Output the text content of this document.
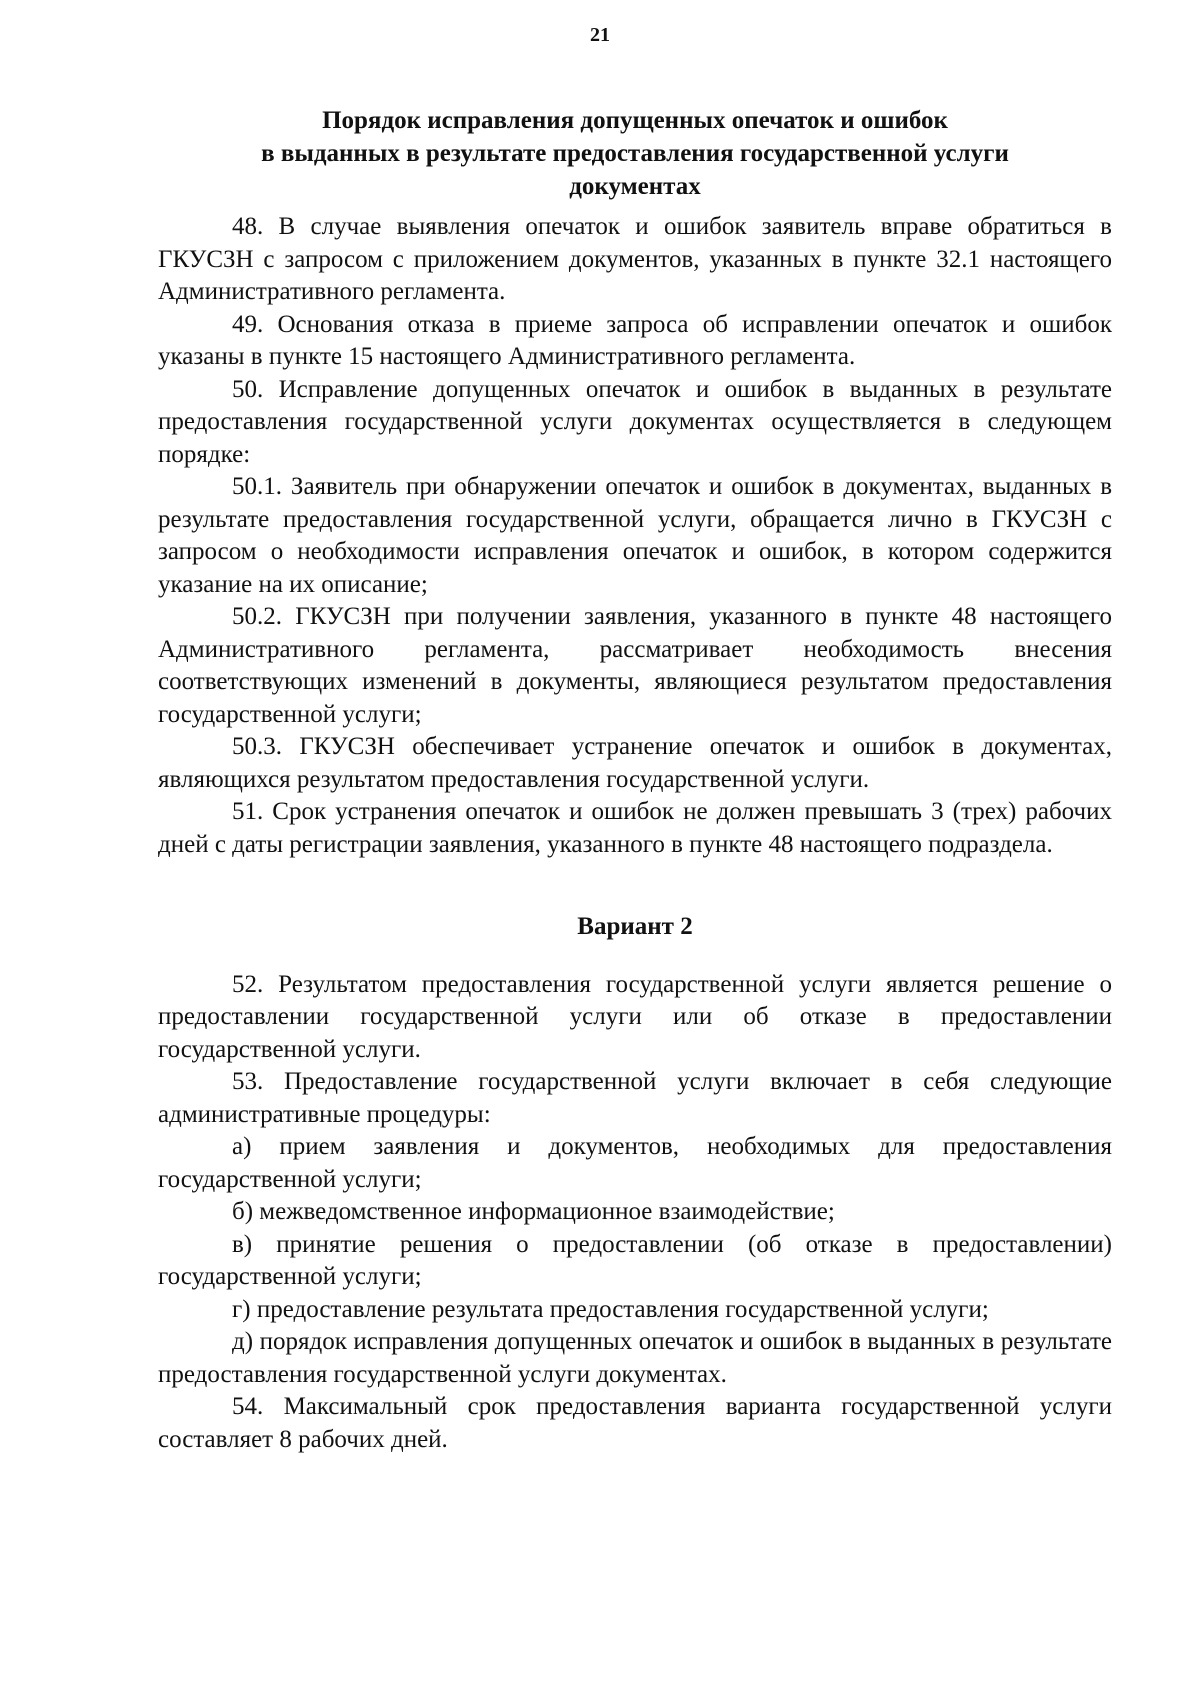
21
Порядок исправления допущенных опечаток и ошибок
в выданных в результате предоставления государственной услуги
документах

48. В случае выявления опечаток и ошибок заявитель вправе обратиться в ГКУСЗН с запросом с приложением документов, указанных в пункте 32.1 настоящего Административного регламента.

49. Основания отказа в приеме запроса об исправлении опечаток и ошибок указаны в пункте 15 настоящего Административного регламента.

50. Исправление допущенных опечаток и ошибок в выданных в результате предоставления государственной услуги документах осуществляется в следующем порядке:

50.1. Заявитель при обнаружении опечаток и ошибок в документах, выданных в результате предоставления государственной услуги, обращается лично в ГКУСЗН с запросом о необходимости исправления опечаток и ошибок, в котором содержится указание на их описание;

50.2. ГКУСЗН при получении заявления, указанного в пункте 48 настоящего Административного регламента, рассматривает необходимость внесения соответствующих изменений в документы, являющиеся результатом предоставления государственной услуги;

50.3. ГКУСЗН обеспечивает устранение опечаток и ошибок в документах, являющихся результатом предоставления государственной услуги.

51. Срок устранения опечаток и ошибок не должен превышать 3 (трех) рабочих дней с даты регистрации заявления, указанного в пункте 48 настоящего подраздела.

Вариант 2

52. Результатом предоставления государственной услуги является решение о предоставлении государственной услуги или об отказе в предоставлении государственной услуги.

53. Предоставление государственной услуги включает в себя следующие административные процедуры:

а) прием заявления и документов, необходимых для предоставления государственной услуги;

б) межведомственное информационное взаимодействие;

в) принятие решения о предоставлении (об отказе в предоставлении) государственной услуги;

г) предоставление результата предоставления государственной услуги;

д) порядок исправления допущенных опечаток и ошибок в выданных в результате предоставления государственной услуги документах.

54. Максимальный срок предоставления варианта государственной услуги составляет 8 рабочих дней.
